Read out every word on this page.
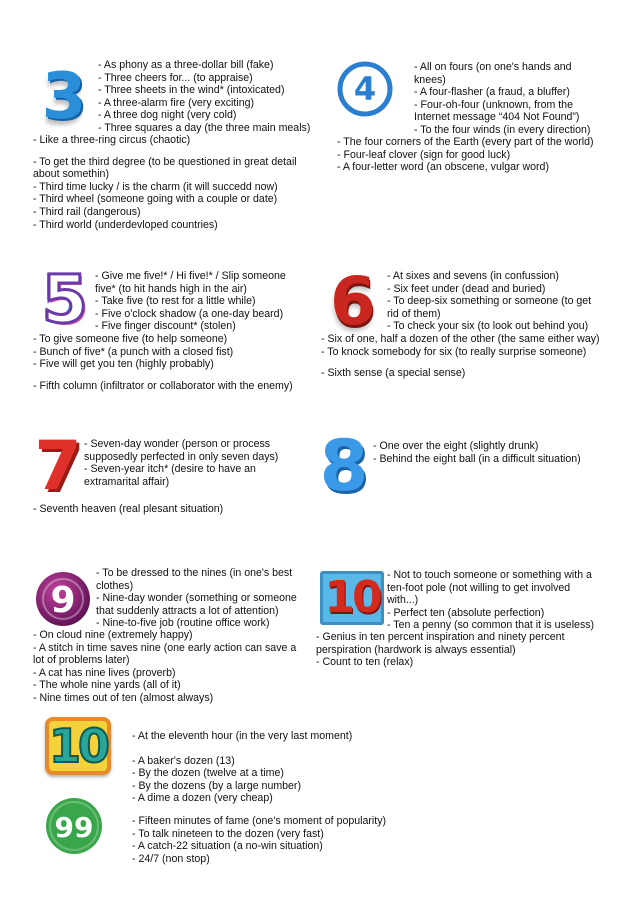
3 - As phony as a three-dollar bill (fake)
- Three cheers for... (to appraise)
- Three sheets in the wind* (intoxicated)
- A three-alarm fire (very exciting)
- A three dog night (very cold)
- Three squares a day (the three main meals)
- Like a three-ring circus (chaotic)
- To get the third degree (to be questioned in great detail
about somethin)
- Third time lucky / is the charm (it will succedd now)
- Third wheel (someone going with a couple or date)
- Third rail (dangerous)
- Third world (underdevloped countries)
4
- All on fours (on one's hands and
knees)
- A four-flasher (a fraud, a bluffer)
- Four-oh-four (unknown, from the
Internet message “404 Not Found”)
- To the four winds (in every direction)
- The four corners of the Earth (every part of the world)
- Four-leaf clover (sign for good luck)
- A four-letter word (an obscene, vulgar word)
5 - Give me five!* / Hi five!* / Slip someone
five* (to hit hands high in the air)
- Take five (to rest for a little while)
- Five o'clock shadow (a one-day beard)
- Five finger discount* (stolen)
- To give someone five (to help someone)
- Bunch of five* (a punch with a closed fist)
- Five will get you ten (highly probably)
- Fifth column (infiltrator or collaborator with the enemy)
6 - At sixes and sevens (in confussion)
- Six feet under (dead and buried)
- To deep-six something or someone (to get
rid of them)
- To check your six (to look out behind you)
- Six of one, half a dozen of the other (the same either way)
- To knock somebody for six (to really surprise someone)
- Sixth sense (a special sense)
7 - Seven-day wonder (person or process
supposedly perfected in only seven days)
- Seven-year itch* (desire to have an
extramarital affair)
- Seventh heaven (real plesant situation)
8 - One over the eight (slightly drunk)
- Behind the eight ball (in a difficult situation)
9
- To be dressed to the nines (in one's best
clothes)
- Nine-day wonder (something or someone
that suddenly attracts a lot of attention)
- Nine-to-five job (routine office work)
- On cloud nine (extremely happy)
- A stitch in time saves nine (one early action can save a
lot of problems later)
- A cat has nine lives (proverb)
- The whole nine yards (all of it)
- Nine times out of ten (almost always)
10 - Not to touch someone or something with a
ten-foot pole (not willing to get involved
with...)
- Perfect ten (absolute perfection)
- Ten a penny (so common that it is useless)
- Genius in ten percent inspiration and ninety percent
perspiration (hardwork is always essential)
- Count to ten (relax)
10
99
- At the eleventh hour (in the very last moment)
- A baker's dozen (13)
- By the dozen (twelve at a time)
- By the dozens (by a large number)
- A dime a dozen (very cheap)
- Fifteen minutes of fame (one's moment of popularity)
- To talk nineteen to the dozen (very fast)
- A catch-22 situation (a no-win situation)
- 24/7 (non stop)
